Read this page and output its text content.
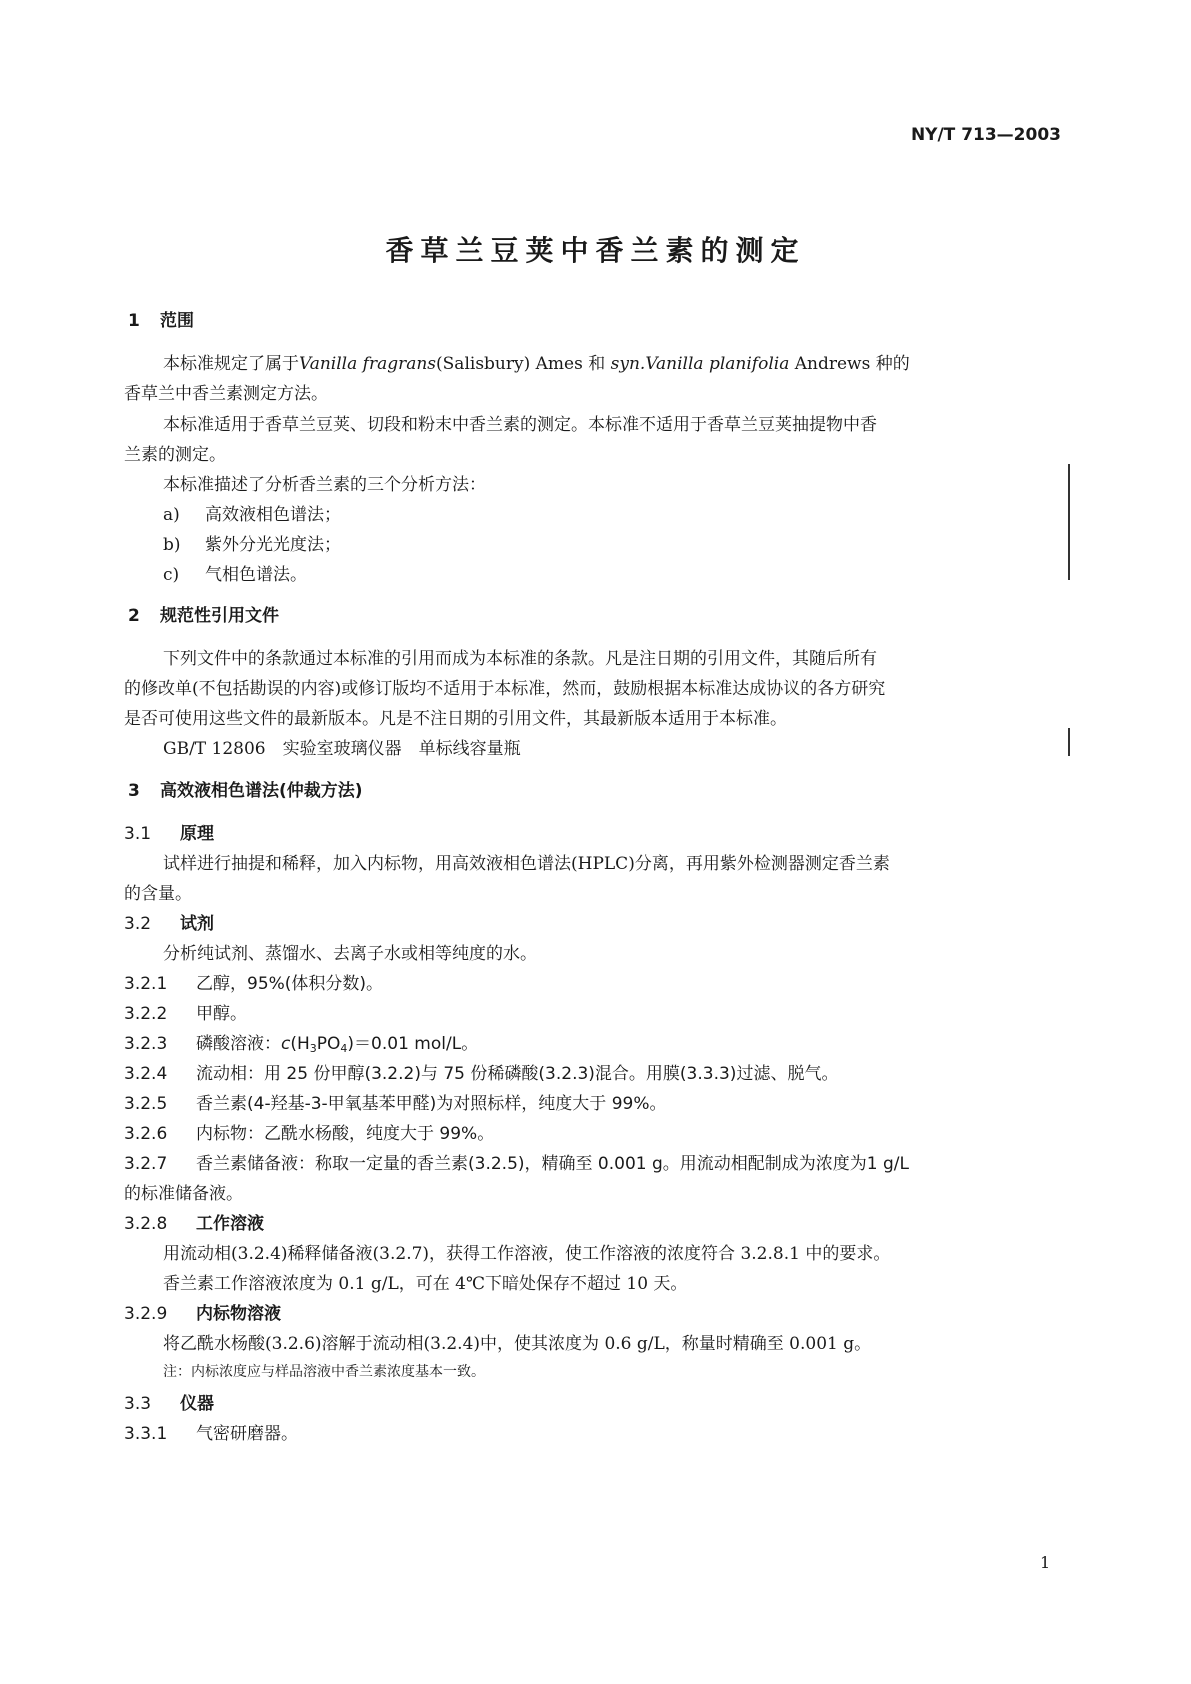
NY/T 713—2003
香草兰豆荚中香兰素的测定
1 范围
本标准规定了属于Vanilla fragrans(Salisbury) Ames 和 syn.Vanilla planifolia Andrews 种的
香草兰中香兰素测定方法。
本标准适用于香草兰豆荚、切段和粉末中香兰素的测定。本标准不适用于香草兰豆荚抽提物中香
兰素的测定。
本标准描述了分析香兰素的三个分析方法：
a) 高效液相色谱法；
b) 紫外分光光度法；
c) 气相色谱法。
2 规范性引用文件
下列文件中的条款通过本标准的引用而成为本标准的条款。凡是注日期的引用文件，其随后所有
的修改单(不包括勘误的内容)或修订版均不适用于本标准，然而，鼓励根据本标准达成协议的各方研究
是否可使用这些文件的最新版本。凡是不注日期的引用文件，其最新版本适用于本标准。
GB/T 12806　实验室玻璃仪器　单标线容量瓶
3 高效液相色谱法(仲裁方法)
3.1 原理
试样进行抽提和稀释，加入内标物，用高效液相色谱法(HPLC)分离，再用紫外检测器测定香兰素
的含量。
3.2 试剂
分析纯试剂、蒸馏水、去离子水或相等纯度的水。
3.2.1 乙醇，95%(体积分数)。
3.2.2 甲醇。
3.2.3 磷酸溶液：$c(H_3PO_4)=0.01$ mol/L。
3.2.4 流动相：用 25 份甲醇(3.2.2)与 75 份稀磷酸(3.2.3)混合。用膜(3.3.3)过滤、脱气。
3.2.5 香兰素(4-羟基-3-甲氧基苯甲醛)为对照标样，纯度大于 99%。
3.2.6 内标物：乙酰水杨酸，纯度大于 99%。
3.2.7 香兰素储备液：称取一定量的香兰素(3.2.5)，精确至 0.001 g。用流动相配制成为浓度为1 g/L
的标准储备液。
3.2.8 工作溶液
用流动相(3.2.4)稀释储备液(3.2.7)，获得工作溶液，使工作溶液的浓度符合 3.2.8.1 中的要求。
香兰素工作溶液浓度为 0.1 g/L，可在 4℃下暗处保存不超过 10 天。
3.2.9 内标物溶液
将乙酰水杨酸(3.2.6)溶解于流动相(3.2.4)中，使其浓度为 0.6 g/L，称量时精确至 0.001 g。
注：内标浓度应与样品溶液中香兰素浓度基本一致。
3.3 仪器
3.3.1 气密研磨器。
1
